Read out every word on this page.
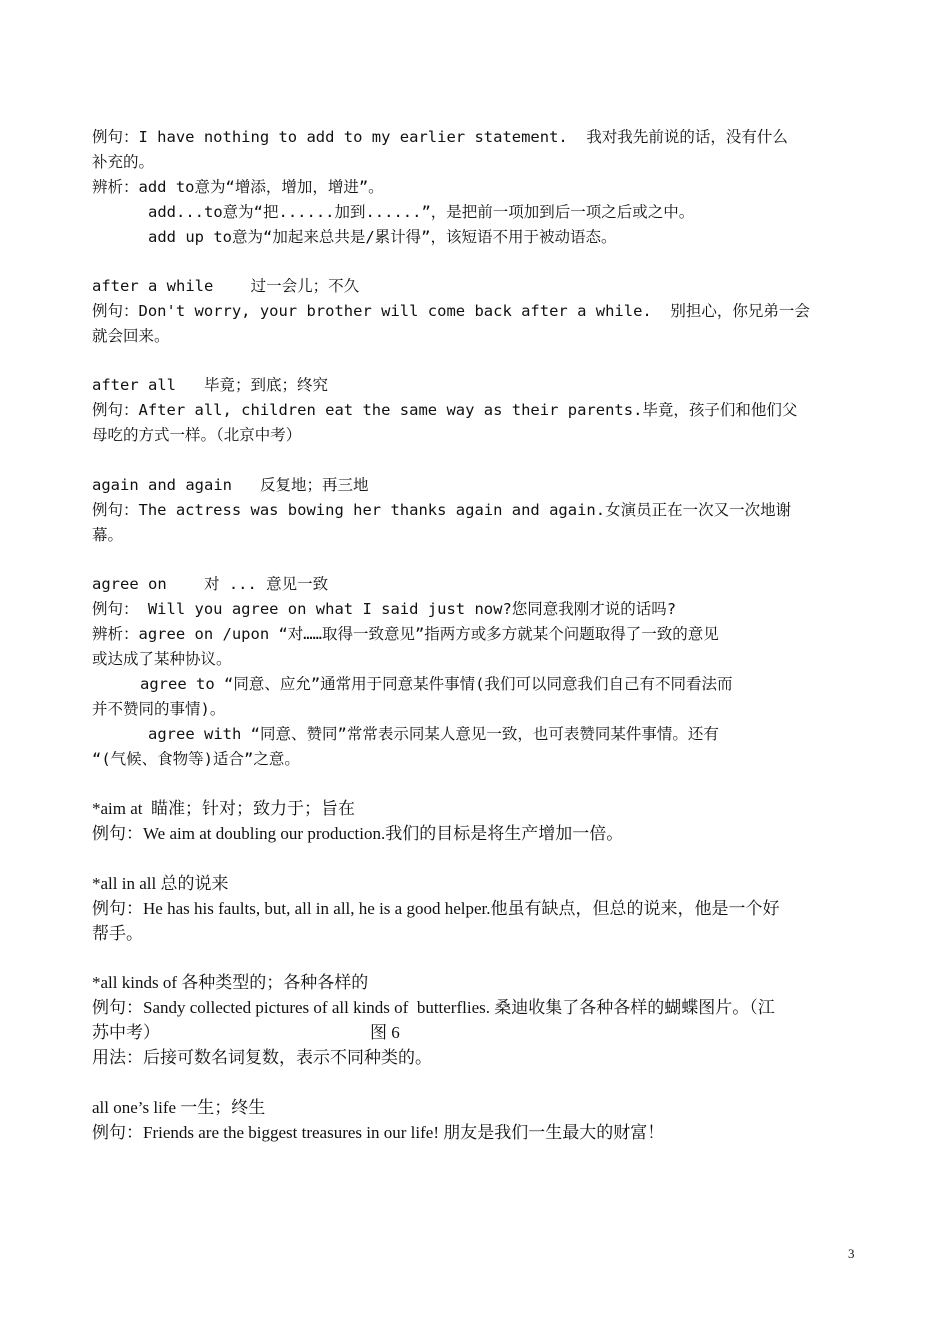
例句：I have nothing to add to my earlier statement.  我对我先前说的话，没有什么
补充的。
辨析：add to意为“增添，增加，增进”。
add...to意为“把......加到......”，是把前一项加到后一项之后或之中。
add up to意为“加起来总共是/累计得”，该短语不用于被动语态。
after a while    过一会儿；不久
例句：Don't worry, your brother will come back after a while.  别担心，你兄弟一会
就会回来。
after all   毕竟；到底；终究
例句：After all, children eat the same way as their parents.毕竟，孩子们和他们父
母吃的方式一样。（北京中考）
again and again   反复地；再三地
例句：The actress was bowing her thanks again and again.女演员正在一次又一次地谢
幕。
agree on    对 ... 意见一致
例句： Will you agree on what I said just now?您同意我刚才说的话吗?
辨析：agree on /upon “对……取得一致意见”指两方或多方就某个问题取得了一致的意见
或达成了某种协议。
agree to “同意、应允”通常用于同意某件事情(我们可以同意我们自己有不同看法而
并不赞同的事情)。
agree with “同意、赞同”常常表示同某人意见一致，也可表赞同某件事情。还有
“(气候、食物等)适合”之意。
*aim at  瞄准；针对；致力于；旨在
例句：We aim at doubling our production.我们的目标是将生产增加一倍。
*all in all 总的说来
例句：He has his faults, but, all in all, he is a good helper.他虽有缺点，但总的说来，他是一个好
帮手。
*all kinds of 各种类型的；各种各样的
例句：Sandy collected pictures of all kinds of  butterflies. 桑迪收集了各种各样的蝴蝶图片。（江
苏中考）	图 6
用法：后接可数名词复数，表示不同种类的。
all one’s life 一生；终生
例句：Friends are the biggest treasures in our life! 朋友是我们一生最大的财富！
3
